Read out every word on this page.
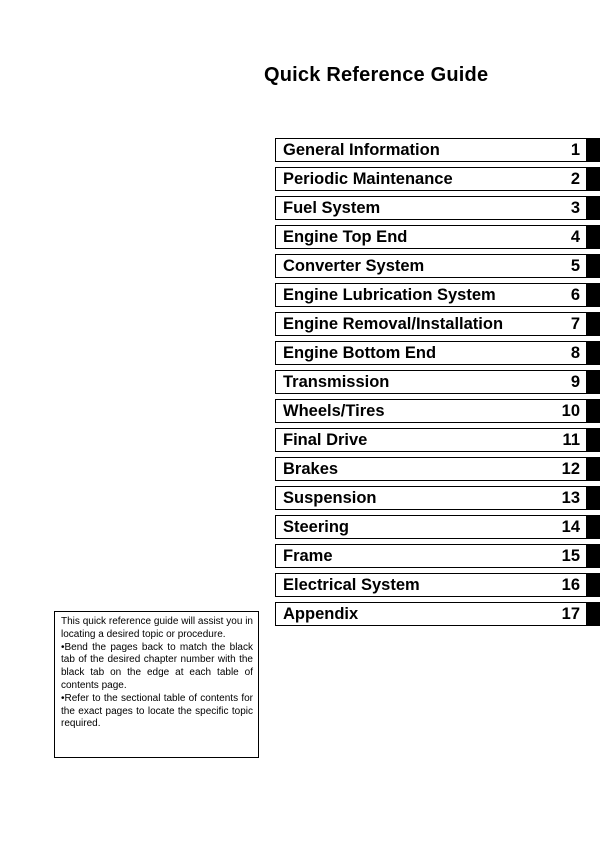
Quick Reference Guide
General Information	1
Periodic Maintenance	2
Fuel System	3
Engine Top End	4
Converter System	5
Engine Lubrication System	6
Engine Removal/Installation	7
Engine Bottom End	8
Transmission	9
Wheels/Tires	10
Final Drive	11
Brakes	12
Suspension	13
Steering	14
Frame	15
Electrical System	16
Appendix	17

This quick reference guide will assist you in locating a desired topic or procedure.

•Bend the pages back to match the black tab of the desired chapter number with the black tab on the edge at each table of contents page.

•Refer to the sectional table of contents for the exact pages to locate the specific topic required.
